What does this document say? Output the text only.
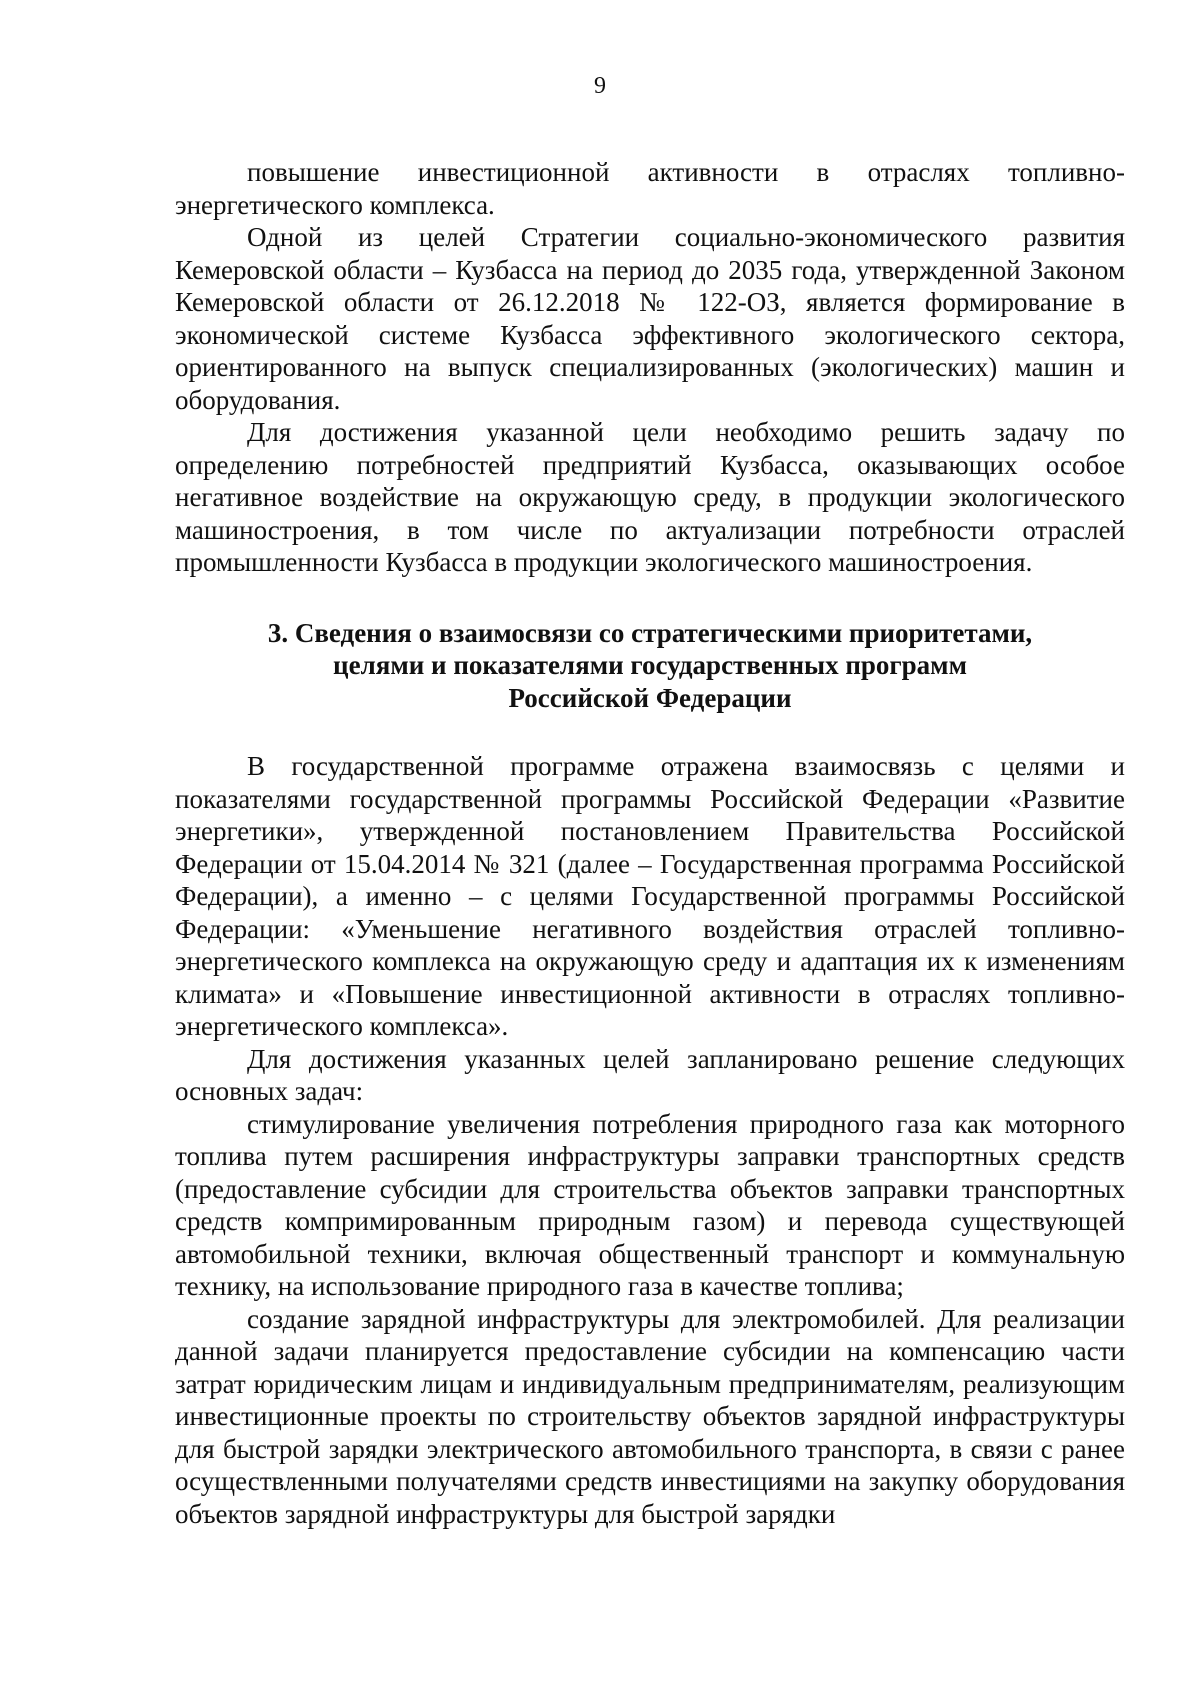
9

повышение инвестиционной активности в отраслях топливно-энергетического комплекса.

Одной из целей Стратегии социально-экономического развития Кемеровской области – Кузбасса на период до 2035 года, утвержденной Законом Кемеровской области от 26.12.2018 № 122-ОЗ, является формирование в экономической системе Кузбасса эффективного экологического сектора, ориентированного на выпуск специализированных (экологических) машин и оборудования.

Для достижения указанной цели необходимо решить задачу по определению потребностей предприятий Кузбасса, оказывающих особое негативное воздействие на окружающую среду, в продукции экологического машиностроения, в том числе по актуализации потребности отраслей промышленности Кузбасса в продукции экологического машиностроения.

3. Сведения о взаимосвязи со стратегическими приоритетами,
целями и показателями государственных программ
Российской Федерации

В государственной программе отражена взаимосвязь с целями и показателями государственной программы Российской Федерации «Развитие энергетики», утвержденной постановлением Правительства Российской Федерации от 15.04.2014 № 321 (далее – Государственная программа Российской Федерации), а именно – с целями Государственной программы Российской Федерации: «Уменьшение негативного воздействия отраслей топливно-энергетического комплекса на окружающую среду и адаптация их к изменениям климата» и «Повышение инвестиционной активности в отраслях топливно-энергетического комплекса».

Для достижения указанных целей запланировано решение следующих основных задач:

стимулирование увеличения потребления природного газа как моторного топлива путем расширения инфраструктуры заправки транспортных средств (предоставление субсидии для строительства объектов заправки транспортных средств компримированным природным газом) и перевода существующей автомобильной техники, включая общественный транспорт и коммунальную технику, на использование природного газа в качестве топлива;

создание зарядной инфраструктуры для электромобилей. Для реализации данной задачи планируется предоставление субсидии на компенсацию части затрат юридическим лицам и индивидуальным предпринимателям, реализующим инвестиционные проекты по строительству объектов зарядной инфраструктуры для быстрой зарядки электрического автомобильного транспорта, в связи с ранее осуществленными получателями средств инвестициями на закупку оборудования объектов зарядной инфраструктуры для быстрой зарядки
